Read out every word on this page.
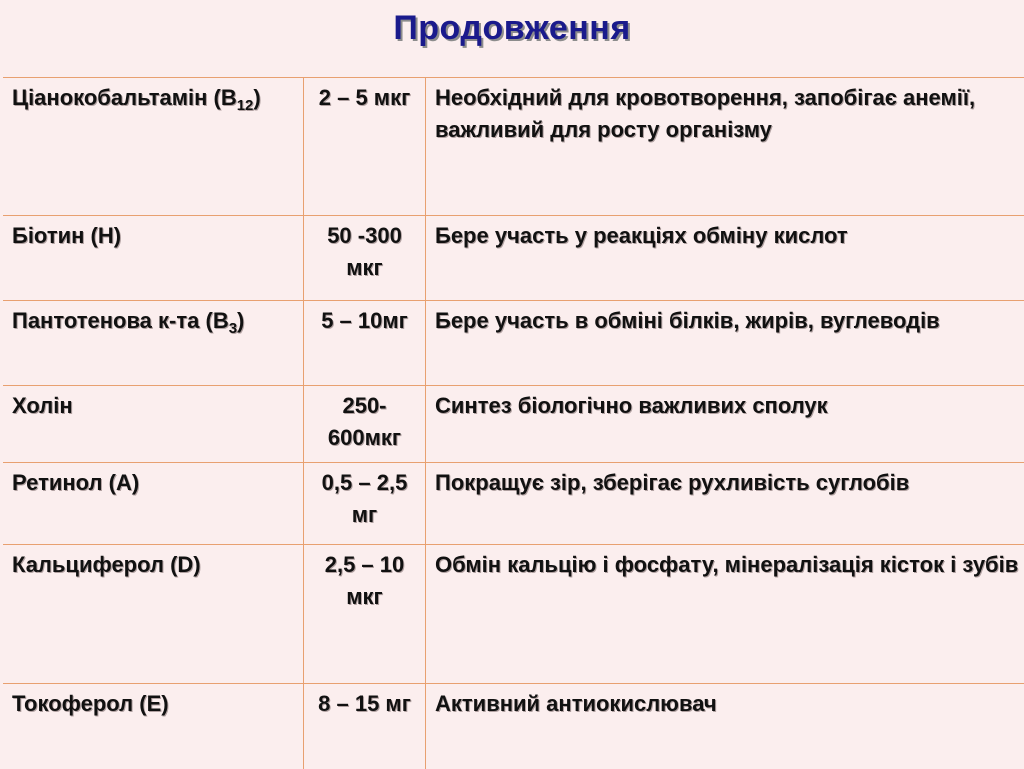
Продовження
Ціанокобальтамін $(B_{12})$	2 – 5 мкг	Необхідний для кровотворення, запобігає анемії, важливий для росту організму
Біотин (Н)	50 -300 мкг	Бере участь у реакціях обміну кислот
Пантотенова к-та $(B_3)$	5 – 10мг	Бере участь в обміні білків, жирів, вуглеводів
Холін	250-600мкг	Синтез біологічно важливих сполук
Ретинол (А)	0,5 – 2,5 мг	Покращує зір, зберігає рухливість суглобів
Кальциферол (D)	2,5 – 10 мкг	Обмін кальцію і фосфату, мінералізація кісток і зубів
Токоферол (Е)	8 – 15 мг	Активний антиокислювач
